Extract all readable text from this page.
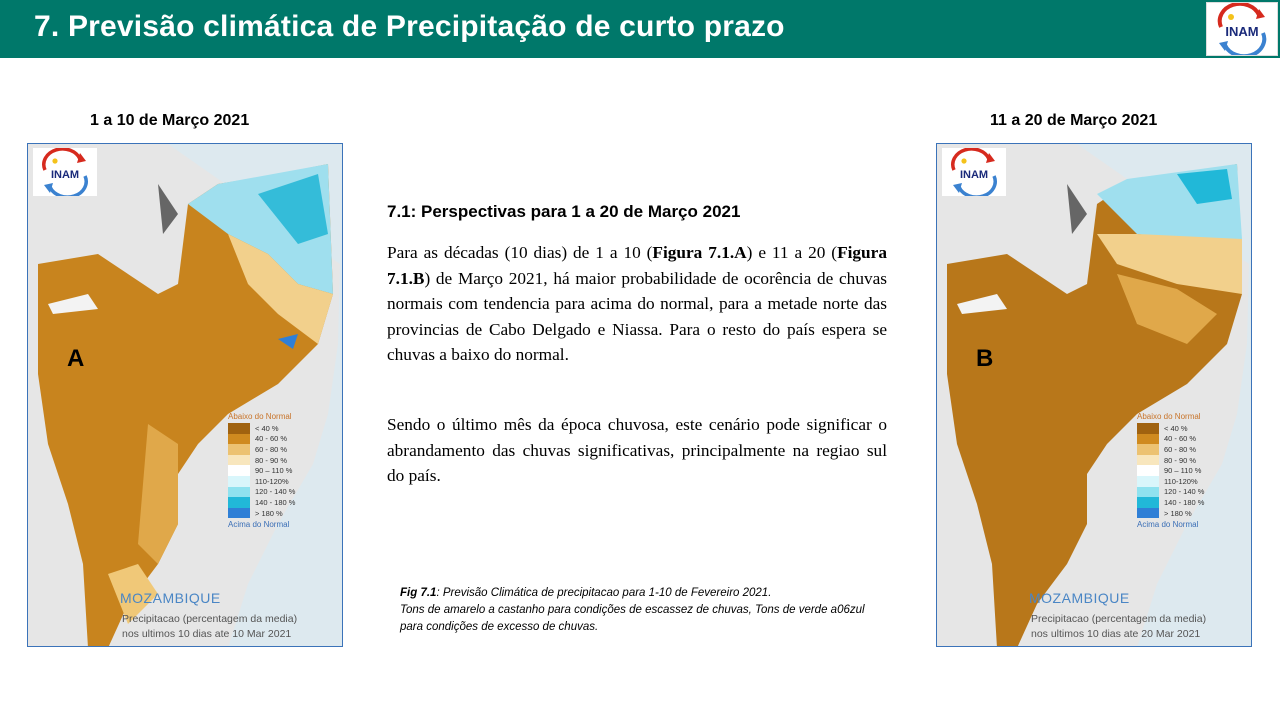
7. Previsão climática de Precipitação de curto prazo	INAM
1 a 10 de Março 2021	11 a 20 de Março 2021
INAM
Abaixo do Normal
< 40 %
40 - 60 %
60 - 80 %
80 - 90 %
90 – 110 %
110-120%
120 - 140 %
140 - 180 %
> 180 %
Acima do Normal
MOZAMBIQUE
Precipitacao (percentagem da media)
nos ultimos 10 dias ate 10 Mar 2021
A
INAM
Abaixo do Normal
< 40 %
40 - 60 %
60 - 80 %
80 - 90 %
90 – 110 %
110-120%
120 - 140 %
140 - 180 %
> 180 %
Acima do Normal
MOZAMBIQUE
Precipitacao (percentagem da media)
nos ultimos 10 dias ate 20 Mar 2021
B
7.1: Perspectivas para 1 a 20 de Março 2021
Para as décadas (10 dias) de 1 a 10 (Figura 7.1.A) e 11 a 20 (Figura 7.1.B) de Março 2021, há maior probabilidade de ocorência de chuvas normais com tendencia para acima do normal, para a metade norte das provincias de Cabo Delgado e Niassa. Para o resto do país espera se chuvas a baixo do normal.
Sendo o último mês da época chuvosa, este cenário pode significar o abrandamento das chuvas significativas, principalmente na regiao sul do país.
Fig 7.1: Previsão Climática de precipitacao para 1-10 de Fevereiro 2021.
Tons de amarelo a castanho para condições de escassez de chuvas, Tons de verde a06zul para condições de excesso de chuvas.
